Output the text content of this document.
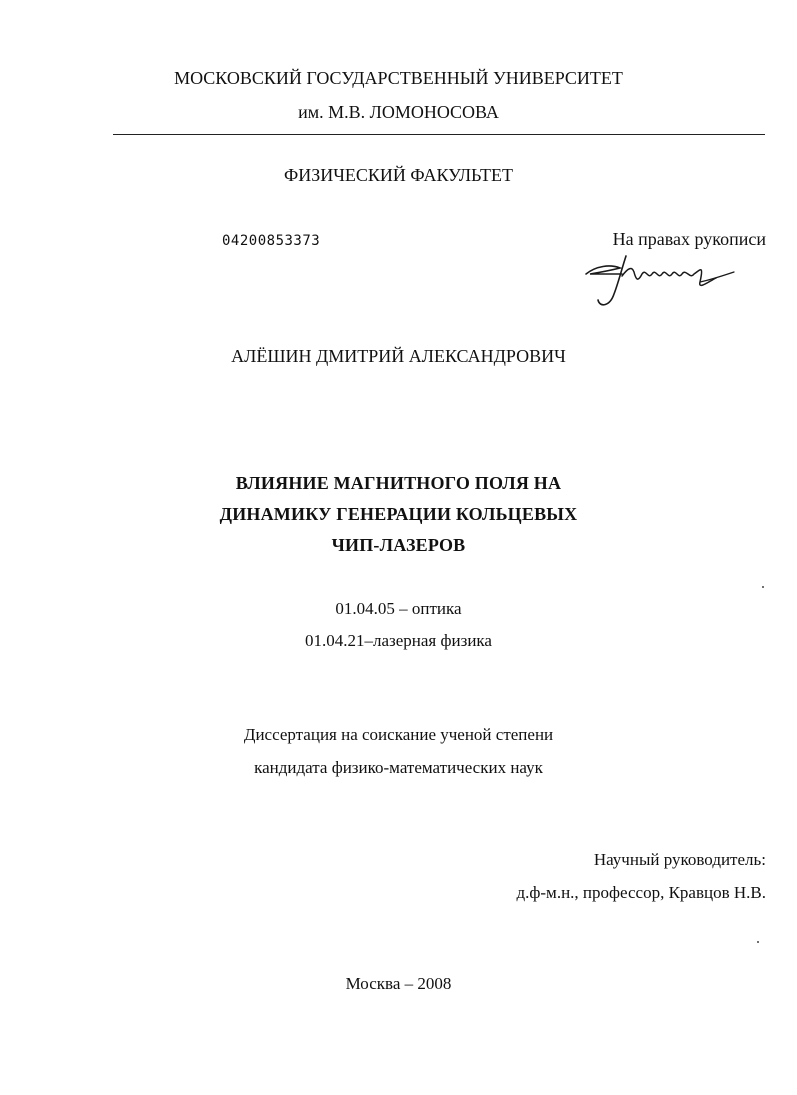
МОСКОВСКИЙ ГОСУДАРСТВЕННЫЙ УНИВЕРСИТЕТ
им. М.В. ЛОМОНОСОВА
ФИЗИЧЕСКИЙ ФАКУЛЬТЕТ
04200853373	На правах рукописи
АЛЁШИН ДМИТРИЙ АЛЕКСАНДРОВИЧ
ВЛИЯНИЕ МАГНИТНОГО ПОЛЯ НА
ДИНАМИКУ ГЕНЕРАЦИИ КОЛЬЦЕВЫХ
ЧИП-ЛАЗЕРОВ
01.04.05 – оптика
01.04.21–лазерная физика
Диссертация на соискание ученой степени
кандидата физико-математических наук
Научный руководитель:
д.ф-м.н., профессор, Кравцов Н.В.
Москва – 2008
